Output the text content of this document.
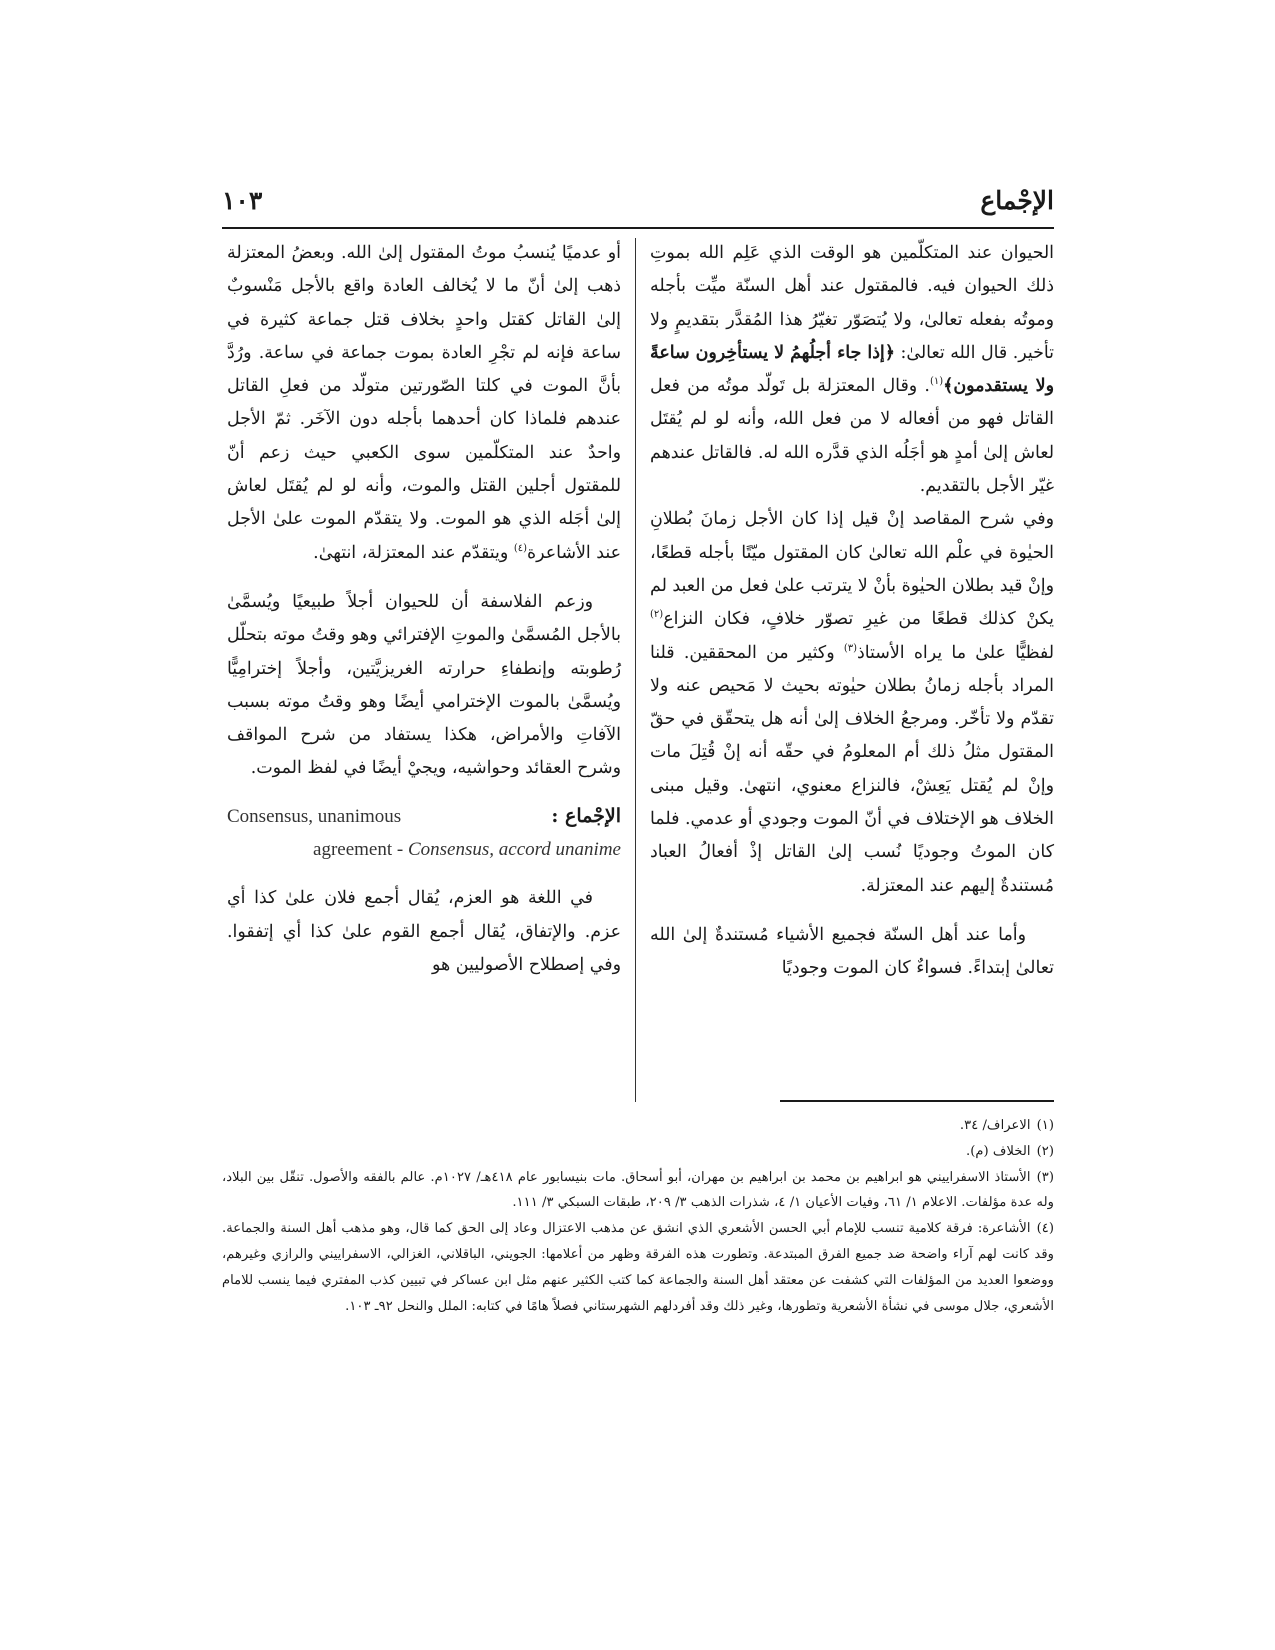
١٠٣	الإجْماع

الحيوان عند المتكلّمين هو الوقت الذي عَلِم الله بموتِ ذلك الحيوان فيه. فالمقتول عند أهل السنّة ميِّت بأجله وموتُه بفعله تعالىٰ، ولا يُتصَوّر تغيّرُ هذا المُقدَّر بتقديمٍ ولا تأخير. قال الله تعالىٰ: ﴿إذا جاء أجلُهمُ لا يستأخِرون ساعةً ولا يستقدمون﴾$^{(١)}$. وقال المعتزلة بل تَولّد موتُه من فعل القاتل فهو من أفعاله لا من فعل الله، وأنه لو لم يُقتَل لعاش إلىٰ أمدٍ هو أجَلُه الذي قدَّره الله له. فالقاتل عندهم غيّر الأجل بالتقديم.

وفي شرح المقاصد إنْ قيل إذا كان الأجل زمانَ بُطلانِ الحيٰوة في علْم الله تعالىٰ كان المقتول ميّتًا بأجله قطعًا، وإنْ قيد بطلان الحيٰوة بأنْ لا يترتب علىٰ فعل من العبد لم يكنْ كذلك قطعًا من غيرِ تصوّر خلافٍ، فكان النزاع$^{(٢)}$ لفظيًّا علىٰ ما يراه الأستاذ$^{(٣)}$ وكثير من المحققين. قلنا المراد بأجله زمانُ بطلان حيٰوته بحيث لا مَحيص عنه ولا تقدّم ولا تأخّر. ومرجعُ الخلاف إلىٰ أنه هل يتحقّق في حقّ المقتول مثلُ ذلك أم المعلومُ في حقّه أنه إنْ قُتِلَ مات وإنْ لم يُقتل يَعِشْ، فالنزاع معنوي، انتهىٰ. وقيل مبنى الخلاف هو الإختلاف في أنّ الموت وجودي أو عدمي. فلما كان الموتُ وجوديًا نُسب إلىٰ القاتل إذْ أفعالُ العباد مُستندةٌ إليهم عند المعتزلة.

وأما عند أهل السنّة فجميع الأشياء مُستندةٌ إلىٰ الله تعالىٰ إبتداءً. فسواءٌ كان الموت وجوديًا

أو عدميًا يُنسبُ موتُ المقتول إلىٰ الله. وبعضُ المعتزلة ذهب إلىٰ أنّ ما لا يُخالف العادة واقع بالأجل مَنْسوبٌ إلىٰ القاتل كقتل واحدٍ بخلاف قتل جماعة كثيرة في ساعة فإنه لم تجْرِ العادة بموت جماعة في ساعة. ورُدَّ بأنَّ الموت في كلتا الصّورتين متولّد من فعلِ القاتل عندهم فلماذا كان أحدهما بأجله دون الآخَر. ثمّ الأجل واحدٌ عند المتكلّمين سوى الكعبي حيث زعم أنّ للمقتول أجلين القتل والموت، وأنه لو لم يُقتَل لعاش إلىٰ أجَله الذي هو الموت. ولا يتقدّم الموت علىٰ الأجل عند الأشاعرة$^{(٤)}$ ويتقدّم عند المعتزلة، انتهىٰ.

وزعم الفلاسفة أن للحيوان أجلاً طبيعيًا ويُسمَّىٰ بالأجل المُسمَّىٰ والموتِ الإفترائي وهو وقتُ موته بتحلّل رُطوبته وإنطفاءِ حرارته الغريزيَّتين، وأجلاً إخترامِيًّا ويُسمَّىٰ بالموت الإخترامي أيضًا وهو وقتُ موته بسبب الآفاتِ والأمراض، هكذا يستفاد من شرح المواقف وشرح العقائد وحواشيه، ويجيْ أيضًا في لفظ الموت.

الإجْماع :
Consensus, unanimous
agreement - Consensus, accord unanime

في اللغة هو العزم، يُقال أجمع فلان علىٰ كذا أي عزم. والإتفاق، يُقال أجمع القوم علىٰ كذا أي إتفقوا. وفي إصطلاح الأصوليين هو

(١)الاعراف/ ٣٤.

(٢)الخلاف (م).

(٣)الأستاذ الاسفراييني هو ابراهيم بن محمد بن ابراهيم بن مهران، أبو أسحاق. مات بنيسابور عام ٤١٨هـ/ ١٠٢٧م. عالم بالفقه والأصول. تنقّل بين البلاد، وله عدة مؤلفات. الاعلام ١/ ٦١، وفيات الأعيان ١/ ٤، شذرات الذهب ٣/ ٢٠٩، طبقات السبكي ٣/ ١١١.

(٤)الأشاعرة: فرقة كلامية تنسب للإمام أبي الحسن الأشعري الذي انشق عن مذهب الاعتزال وعاد إلى الحق كما قال، وهو مذهب أهل السنة والجماعة. وقد كانت لهم آراء واضحة ضد جميع الفرق المبتدعة. وتطورت هذه الفرقة وظهر من أعلامها: الجويني، الباقلاني، الغزالي، الاسفراييني والرازي وغيرهم، ووضعوا العديد من المؤلفات التي كشفت عن معتقد أهل السنة والجماعة كما كتب الكثير عنهم مثل ابن عساكر في تبيين كذب المفتري فيما ينسب للامام الأشعري، جلال موسى في نشأة الأشعرية وتطورها، وغير ذلك وقد أفردلهم الشهرستاني فصلاً هامًا في كتابه: الملل والنحل ٩٢ـ ١٠٣.
